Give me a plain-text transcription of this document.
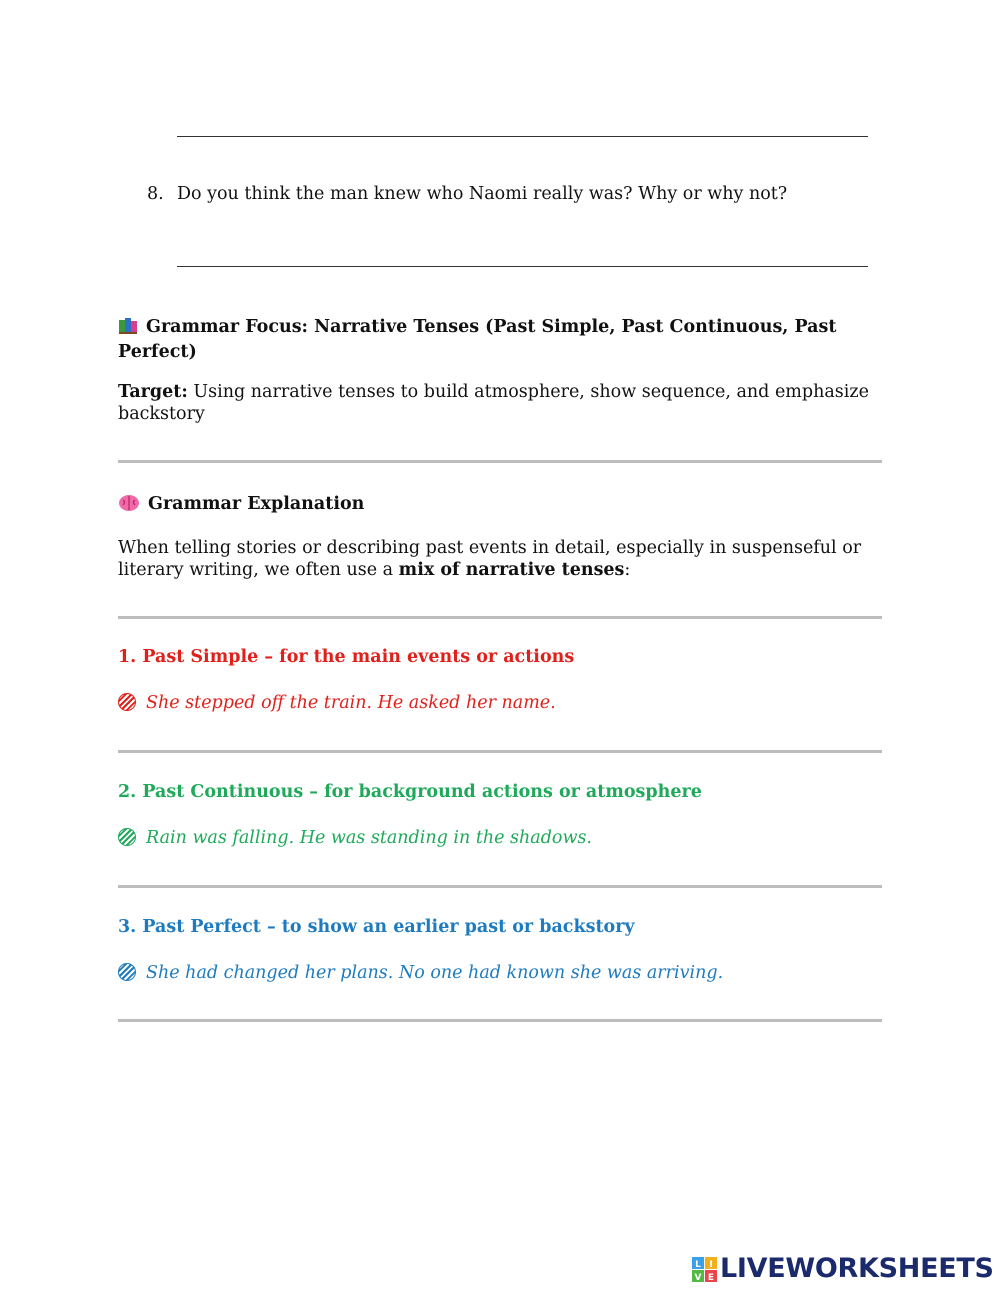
8. Do you think the man knew who Naomi really was? Why or why not?
Grammar Focus: Narrative Tenses (Past Simple, Past Continuous, Past Perfect)
Target: Using narrative tenses to build atmosphere, show sequence, and emphasize backstory
Grammar Explanation
When telling stories or describing past events in detail, especially in suspenseful or literary writing, we often use a mix of narrative tenses:
1. Past Simple – for the main events or actions
She stepped off the train. He asked her name.
2. Past Continuous – for background actions or atmosphere
Rain was falling. He was standing in the shadows.
3. Past Perfect – to show an earlier past or backstory
She had changed her plans. No one had known she was arriving.
L I
V E LIVEWORKSHEETS
